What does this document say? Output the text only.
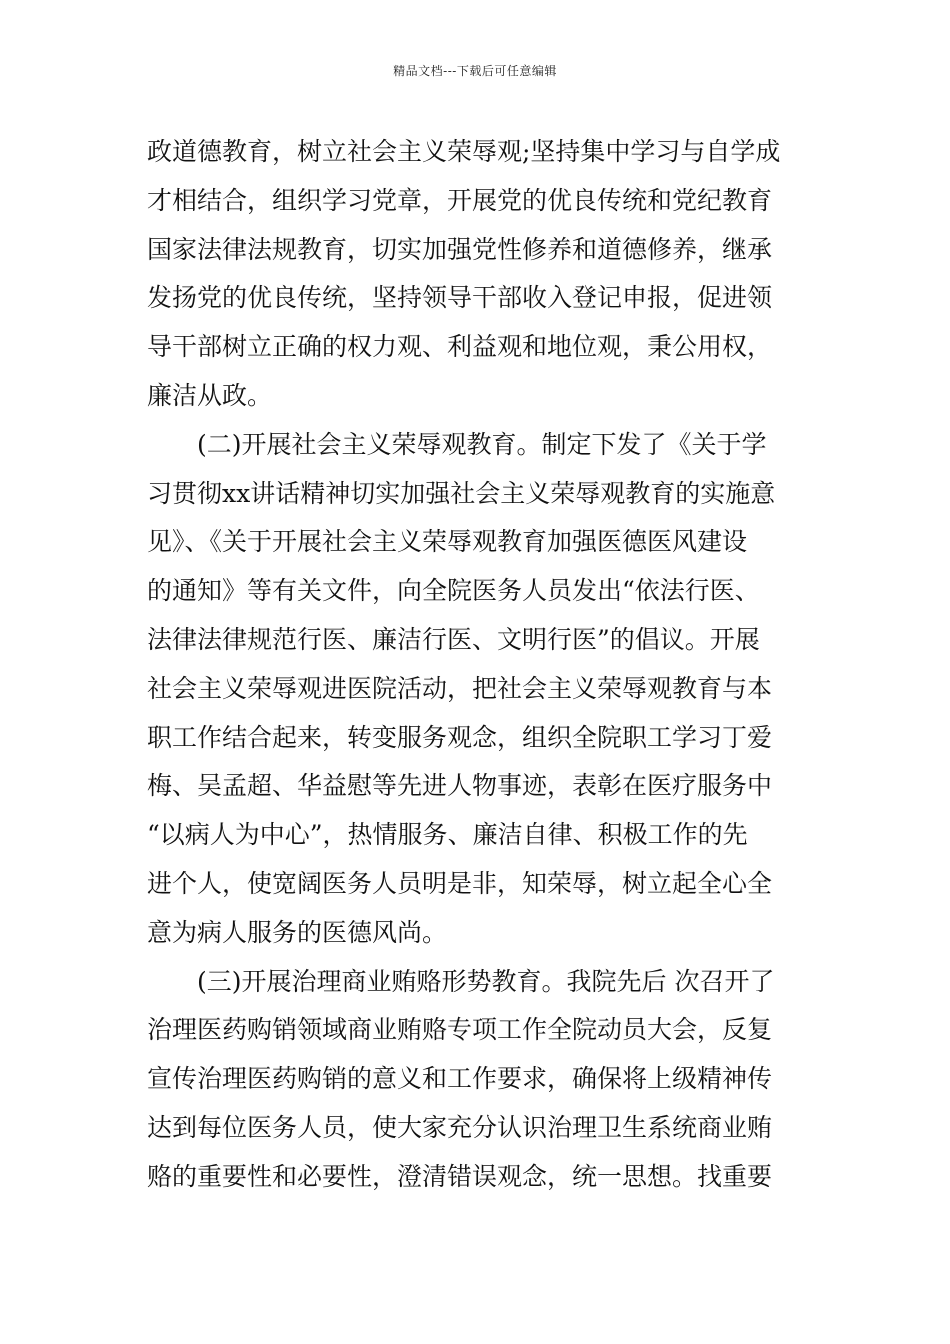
精品文档---下载后可任意编辑
政道德教育，树立社会主义荣辱观;坚持集中学习与自学成
才相结合，组织学习党章，开展党的优良传统和党纪教育
国家法律法规教育，切实加强党性修养和道德修养，继承
发扬党的优良传统，坚持领导干部收入登记申报，促进领
导干部树立正确的权力观、利益观和地位观，秉公用权，
廉洁从政。
　　(二)开展社会主义荣辱观教育。制定下发了《关于学
习贯彻xx讲话精神切实加强社会主义荣辱观教育的实施意
见》、《关于开展社会主义荣辱观教育加强医德医风建设
的通知》等有关文件，向全院医务人员发出“依法行医、
法律法律规范行医、廉洁行医、文明行医”的倡议。开展
社会主义荣辱观进医院活动，把社会主义荣辱观教育与本
职工作结合起来，转变服务观念，组织全院职工学习丁爱
梅、吴孟超、华益慰等先进人物事迹，表彰在医疗服务中
“以病人为中心”，热情服务、廉洁自律、积极工作的先
进个人，使宽阔医务人员明是非，知荣辱，树立起全心全
意为病人服务的医德风尚。
　　(三)开展治理商业贿赂形势教育。我院先后 次召开了
治理医药购销领域商业贿赂专项工作全院动员大会，反复
宣传治理医药购销的意义和工作要求，确保将上级精神传
达到每位医务人员，使大家充分认识治理卫生系统商业贿
赂的重要性和必要性，澄清错误观念，统一思想。找重要
